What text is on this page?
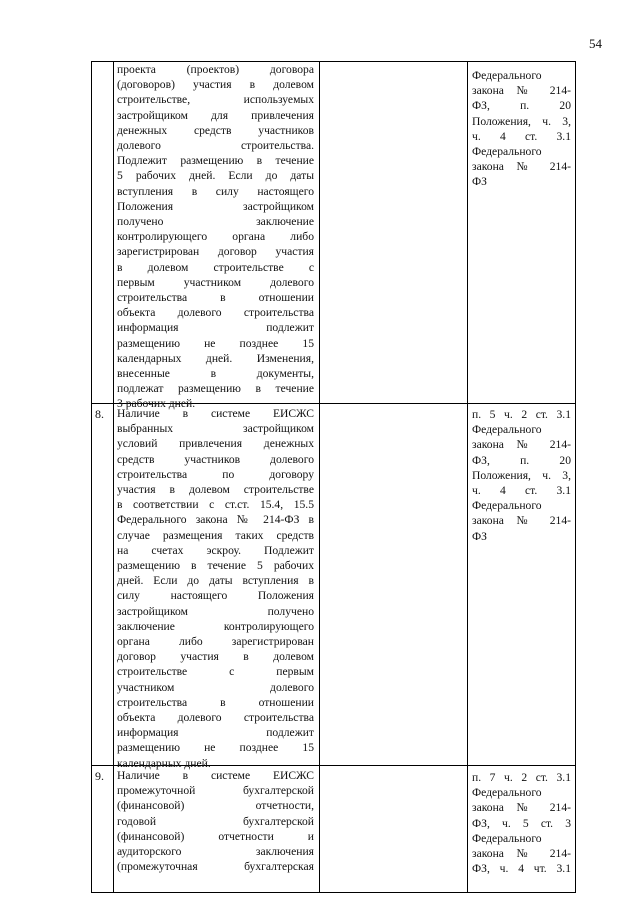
54
проекта (проектов) договора
(договоров) участия в долевом
строительстве, используемых
застройщиком для привлечения
денежных средств участников
долевого строительства.
Подлежит размещению в течение
5 рабочих дней. Если до даты
вступления в силу настоящего
Положения застройщиком
получено заключение
контролирующего органа либо
зарегистрирован договор участия
в долевом строительстве с
первым участником долевого
строительства в отношении
объекта долевого строительства
информация подлежит
размещению не позднее 15
календарных дней. Изменения,
внесенные в документы,
подлежат размещению в течение
3 рабочих дней.
Федерального
закона № 214-
ФЗ, п. 20
Положения, ч. 3,
ч. 4 ст. 3.1
Федерального
закона № 214-
ФЗ
8.	Наличие в системе ЕИСЖС
выбранных застройщиком
условий привлечения денежных
средств участников долевого
строительства по договору
участия в долевом строительстве
в соответствии с ст.ст. 15.4, 15.5
Федерального закона № 214-ФЗ в
случае размещения таких средств
на счетах эскроу. Подлежит
размещению в течение 5 рабочих
дней. Если до даты вступления в
силу настоящего Положения
застройщиком получено
заключение контролирующего
органа либо зарегистрирован
договор участия в долевом
строительстве с первым
участником долевого
строительства в отношении
объекта долевого строительства
информация подлежит
размещению не позднее 15
календарных дней.
п. 5 ч. 2 ст. 3.1
Федерального
закона № 214-
ФЗ, п. 20
Положения, ч. 3,
ч. 4 ст. 3.1
Федерального
закона № 214-
ФЗ
9.	Наличие в системе ЕИСЖС
промежуточной бухгалтерской
(финансовой) отчетности,
годовой бухгалтерской
(финансовой) отчетности и
аудиторского заключения
(промежуточная бухгалтерская
п. 7 ч. 2 ст. 3.1
Федерального
закона № 214-
ФЗ, ч. 5 ст. 3
Федерального
закона № 214-
ФЗ, ч. 4 чт. 3.1
